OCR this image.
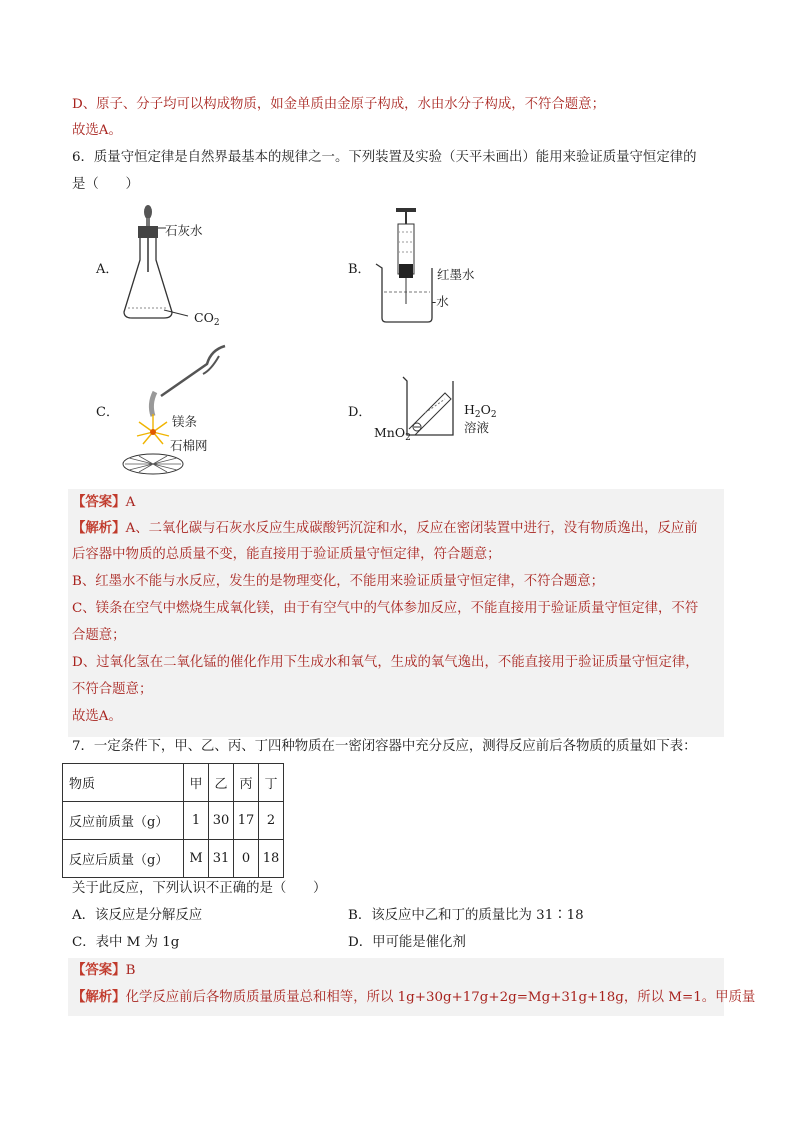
D、原子、分子均可以构成物质，如金单质由金原子构成，水由水分子构成，不符合题意；
故选A。
6．质量守恒定律是自然界最基本的规律之一。下列装置及实验（天平未画出）能用来验证质量守恒定律的
是（　　）
A．
石灰水
$CO_2$
B．	红墨水
-水
C．
镁条
石棉网
D．	$H_2O_2$
溶液
MnO$_2$
【答案】A
【解析】A、二氧化碳与石灰水反应生成碳酸钙沉淀和水，反应在密闭装置中进行，没有物质逸出，反应前
后容器中物质的总质量不变，能直接用于验证质量守恒定律，符合题意；
B、红墨水不能与水反应，发生的是物理变化，不能用来验证质量守恒定律，不符合题意；
C、镁条在空气中燃烧生成氧化镁，由于有空气中的气体参加反应，不能直接用于验证质量守恒定律，不符
合题意；
D、过氧化氢在二氧化锰的催化作用下生成水和氧气，生成的氧气逸出，不能直接用于验证质量守恒定律，
不符合题意；
故选A。
7．一定条件下，甲、乙、丙、丁四种物质在一密闭容器中充分反应，测得反应前后各物质的质量如下表：
物质	甲	乙	丙	丁
反应前质量（g）	1	30	17	2
反应后质量（g）	M	31	0	18
关于此反应，下列认识不正确的是（　　）
A．该反应是分解反应	B．该反应中乙和丁的质量比为 31∶18
C．表中 M 为 1g	D．甲可能是催化剂
【答案】B
【解析】化学反应前后各物质质量质量总和相等，所以 1g+30g+17g+2g=Mg+31g+18g，所以 M=1。甲质量
